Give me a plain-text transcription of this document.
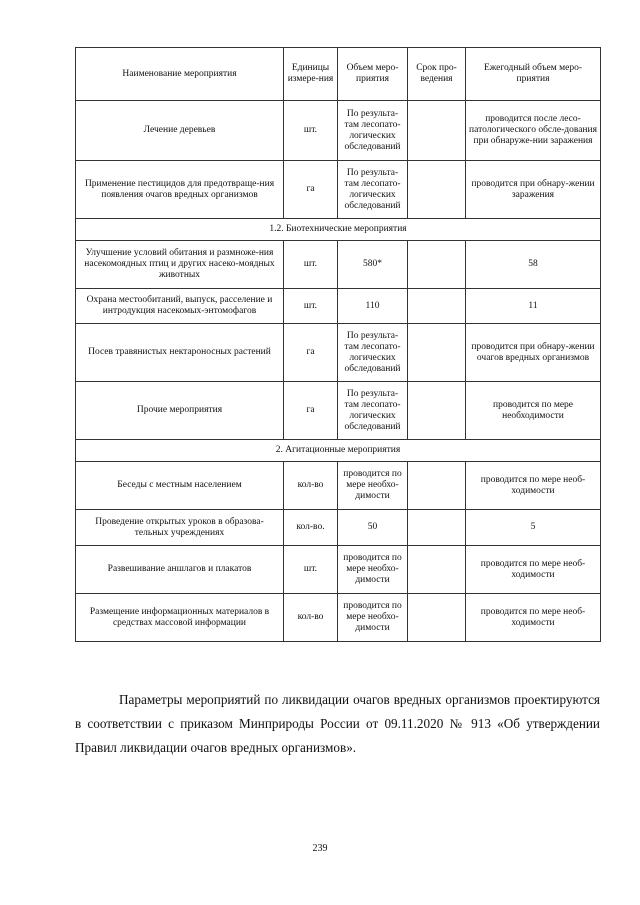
Наименование мероприятия	Единицы измере-ния	Объем меро-приятия	Срок про-ведения	Ежегодный объем меро-приятия
Лечение деревьев	шт.	По результа-там лесопато-логических обследований		проводится после лесо-патологического обсле-дования при обнаруже-нии заражения
Применение пестицидов для предотвраще-ния появления очагов вредных организмов	га	По результа-там лесопато-логических обследований		проводится при обнару-жении заражения
1.2. Биотехнические мероприятия				
Улучшение условий обитания и размноже-ния насекомоядных птиц и других насеко-моядных животных	шт.	580*		58
Охрана местообитаний, выпуск, расселение и интродукция насекомых-энтомофагов	шт.	110		11
Посев травянистых нектароносных растений	га	По результа-там лесопато-логических обследований		проводится при обнару-жении очагов вредных организмов
Прочие мероприятия	га	По результа-там лесопато-логических обследований		проводится по мере необходимости
2. Агитационные мероприятия				
Беседы с местным населением	кол-во	проводится по мере необхо-димости		проводится по мере необ-ходимости
Проведение открытых уроков в образова-тельных учреждениях	кол-во.	50		5
Развешивание аншлагов и плакатов	шт.	проводится по мере необхо-димости		проводится по мере необ-ходимости
Размещение информационных материалов в средствах массовой информации	кол-во	проводится по мере необхо-димости		проводится по мере необ-ходимости

Параметры мероприятий по ликвидации очагов вредных организмов проектируются в соответствии с приказом Минприроды России от 09.11.2020 № 913 «Об утверждении Правил ликвидации очагов вредных организмов».

239
